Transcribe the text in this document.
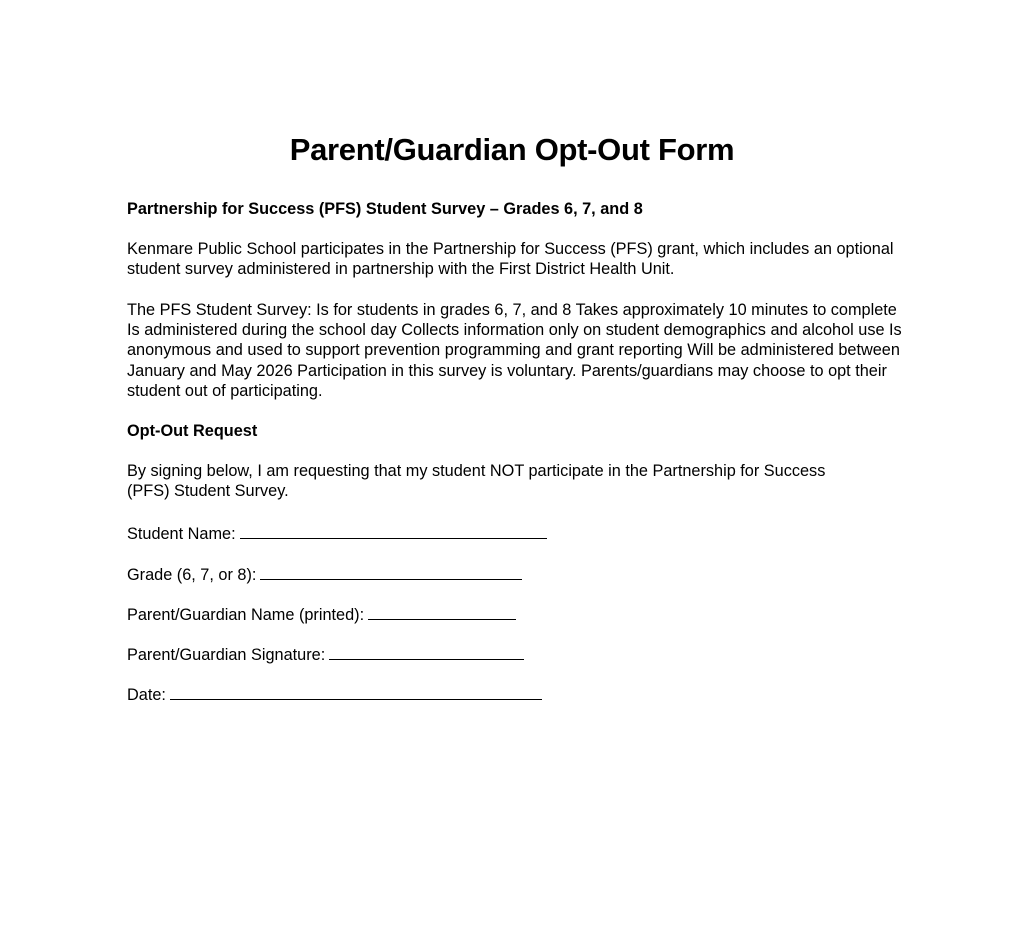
Parent/Guardian Opt-Out Form

Partnership for Success (PFS) Student Survey – Grades 6, 7, and 8

Kenmare Public School participates in the Partnership for Success (PFS) grant, which includes an optional student survey administered in partnership with the First District Health Unit.

The PFS Student Survey: Is for students in grades 6, 7, and 8 Takes approximately 10 minutes to complete Is administered during the school day Collects information only on student demographics and alcohol use Is anonymous and used to support prevention programming and grant reporting Will be administered between January and May 2026 Participation in this survey is voluntary. Parents/guardians may choose to opt their student out of participating.

Opt-Out Request

By signing below, I am requesting that my student NOT participate in the Partnership for Success (PFS) Student Survey.

Student Name:
Grade (6, 7, or 8):
Parent/Guardian Name (printed):
Parent/Guardian Signature:
Date:
